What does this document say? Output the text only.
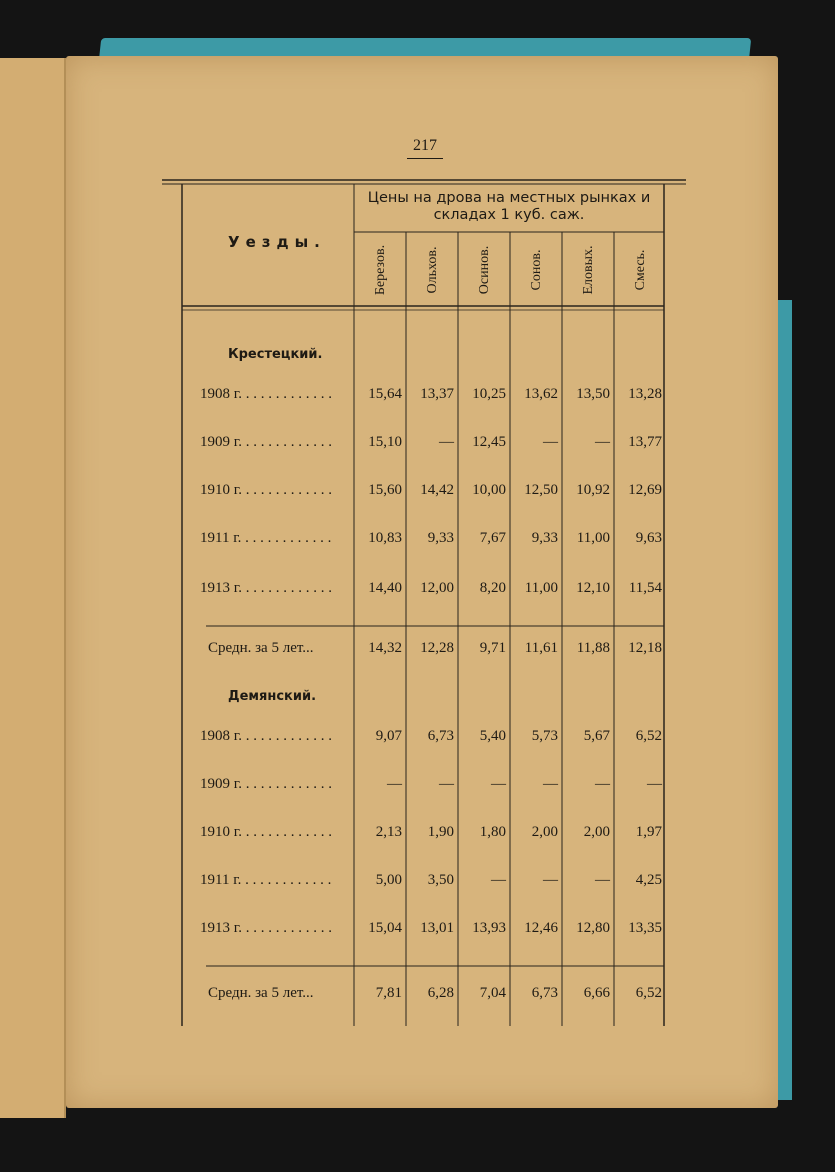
217
Уезды.
Цены на дрова на местных рынках и складах 1 куб. саж.
Березов.	Ольхов.	Осинов.	Сонов.	Еловых.	Смесь.
Крестецкий.
1908 г. . . . . . . . . . . . .	15,64	13,37	10,25	13,62	13,50	13,28
1909 г. . . . . . . . . . . . .	15,10	—	12,45	—	—	13,77
1910 г. . . . . . . . . . . . .	15,60	14,42	10,00	12,50	10,92	12,69
1911 г. . . . . . . . . . . . .	10,83	9,33	7,67	9,33	11,00	9,63
1913 г. . . . . . . . . . . . .	14,40	12,00	8,20	11,00	12,10	11,54
Средн. за 5 лет...	14,32	12,28	9,71	11,61	11,88	12,18
Демянский.
1908 г. . . . . . . . . . . . .	9,07	6,73	5,40	5,73	5,67	6,52
1909 г. . . . . . . . . . . . .	—	—	—	—	—	—
1910 г. . . . . . . . . . . . .	2,13	1,90	1,80	2,00	2,00	1,97
1911 г. . . . . . . . . . . . .	5,00	3,50	—	—	—	4,25
1913 г. . . . . . . . . . . . .	15,04	13,01	13,93	12,46	12,80	13,35
Средн. за 5 лет...	7,81	6,28	7,04	6,73	6,66	6,52
